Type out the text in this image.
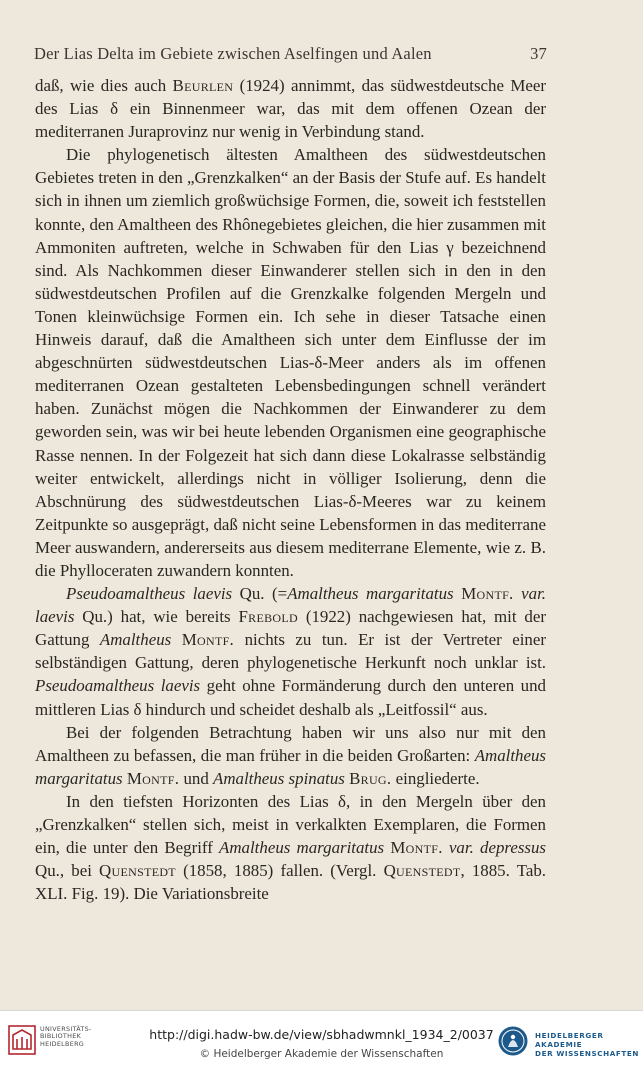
Der Lias Delta im Gebiete zwischen Aselfingen und Aalen	37

daß, wie dies auch Beurlen (1924) annimmt, das südwestdeutsche Meer des Lias δ ein Binnenmeer war, das mit dem offenen Ozean der mediterranen Juraprovinz nur wenig in Verbindung stand.

Die phylogenetisch ältesten Amaltheen des südwestdeutschen Gebietes treten in den „Grenzkalken“ an der Basis der Stufe auf. Es handelt sich in ihnen um ziemlich großwüchsige Formen, die, soweit ich feststellen konnte, den Amaltheen des Rhônegebietes gleichen, die hier zusammen mit Ammoniten auftreten, welche in Schwaben für den Lias γ bezeichnend sind. Als Nachkommen dieser Einwanderer stellen sich in den in den südwestdeutschen Profilen auf die Grenzkalke folgenden Mergeln und Tonen kleinwüchsige Formen ein. Ich sehe in dieser Tatsache einen Hinweis darauf, daß die Amaltheen sich unter dem Einflusse der im abgeschnürten südwestdeutschen Lias-δ-Meer anders als im offenen mediterranen Ozean gestalteten Lebensbedingungen schnell verändert haben. Zunächst mögen die Nachkommen der Einwanderer zu dem geworden sein, was wir bei heute lebenden Organismen eine geographische Rasse nennen. In der Folgezeit hat sich dann diese Lokalrasse selbständig weiter entwickelt, allerdings nicht in völliger Isolierung, denn die Abschnürung des südwestdeutschen Lias-δ-Meeres war zu keinem Zeitpunkte so ausgeprägt, daß nicht seine Lebensformen in das mediterrane Meer auswandern, andererseits aus diesem mediterrane Elemente, wie z. B. die Phylloceraten zuwandern konnten.

Pseudoamaltheus laevis Qu. (=Amaltheus margaritatus Montf. var. laevis Qu.) hat, wie bereits Frebold (1922) nachgewiesen hat, mit der Gattung Amaltheus Montf. nichts zu tun. Er ist der Vertreter einer selbständigen Gattung, deren phylogenetische Herkunft noch unklar ist. Pseudoamaltheus laevis geht ohne Formänderung durch den unteren und mittleren Lias δ hindurch und scheidet deshalb als „Leitfossil“ aus.

Bei der folgenden Betrachtung haben wir uns also nur mit den Amaltheen zu befassen, die man früher in die beiden Großarten: Amaltheus margaritatus Montf. und Amaltheus spinatus Brug. eingliederte.

In den tiefsten Horizonten des Lias δ, in den Mergeln über den „Grenzkalken“ stellen sich, meist in verkalkten Exemplaren, die Formen ein, die unter den Begriff Amaltheus margaritatus Montf. var. depressus Qu., bei Quenstedt (1858, 1885) fallen. (Vergl. Quenstedt, 1885. Tab. XLI. Fig. 19). Die Variationsbreite

UNIVERSITÄTS-
BIBLIOTHEK
HEIDELBERG
http://digi.hadw-bw.de/view/sbhadwmnkl_1934_2/0037
© Heidelberger Akademie der Wissenschaften
HEIDELBERGER AKADEMIE
DER WISSENSCHAFTEN
